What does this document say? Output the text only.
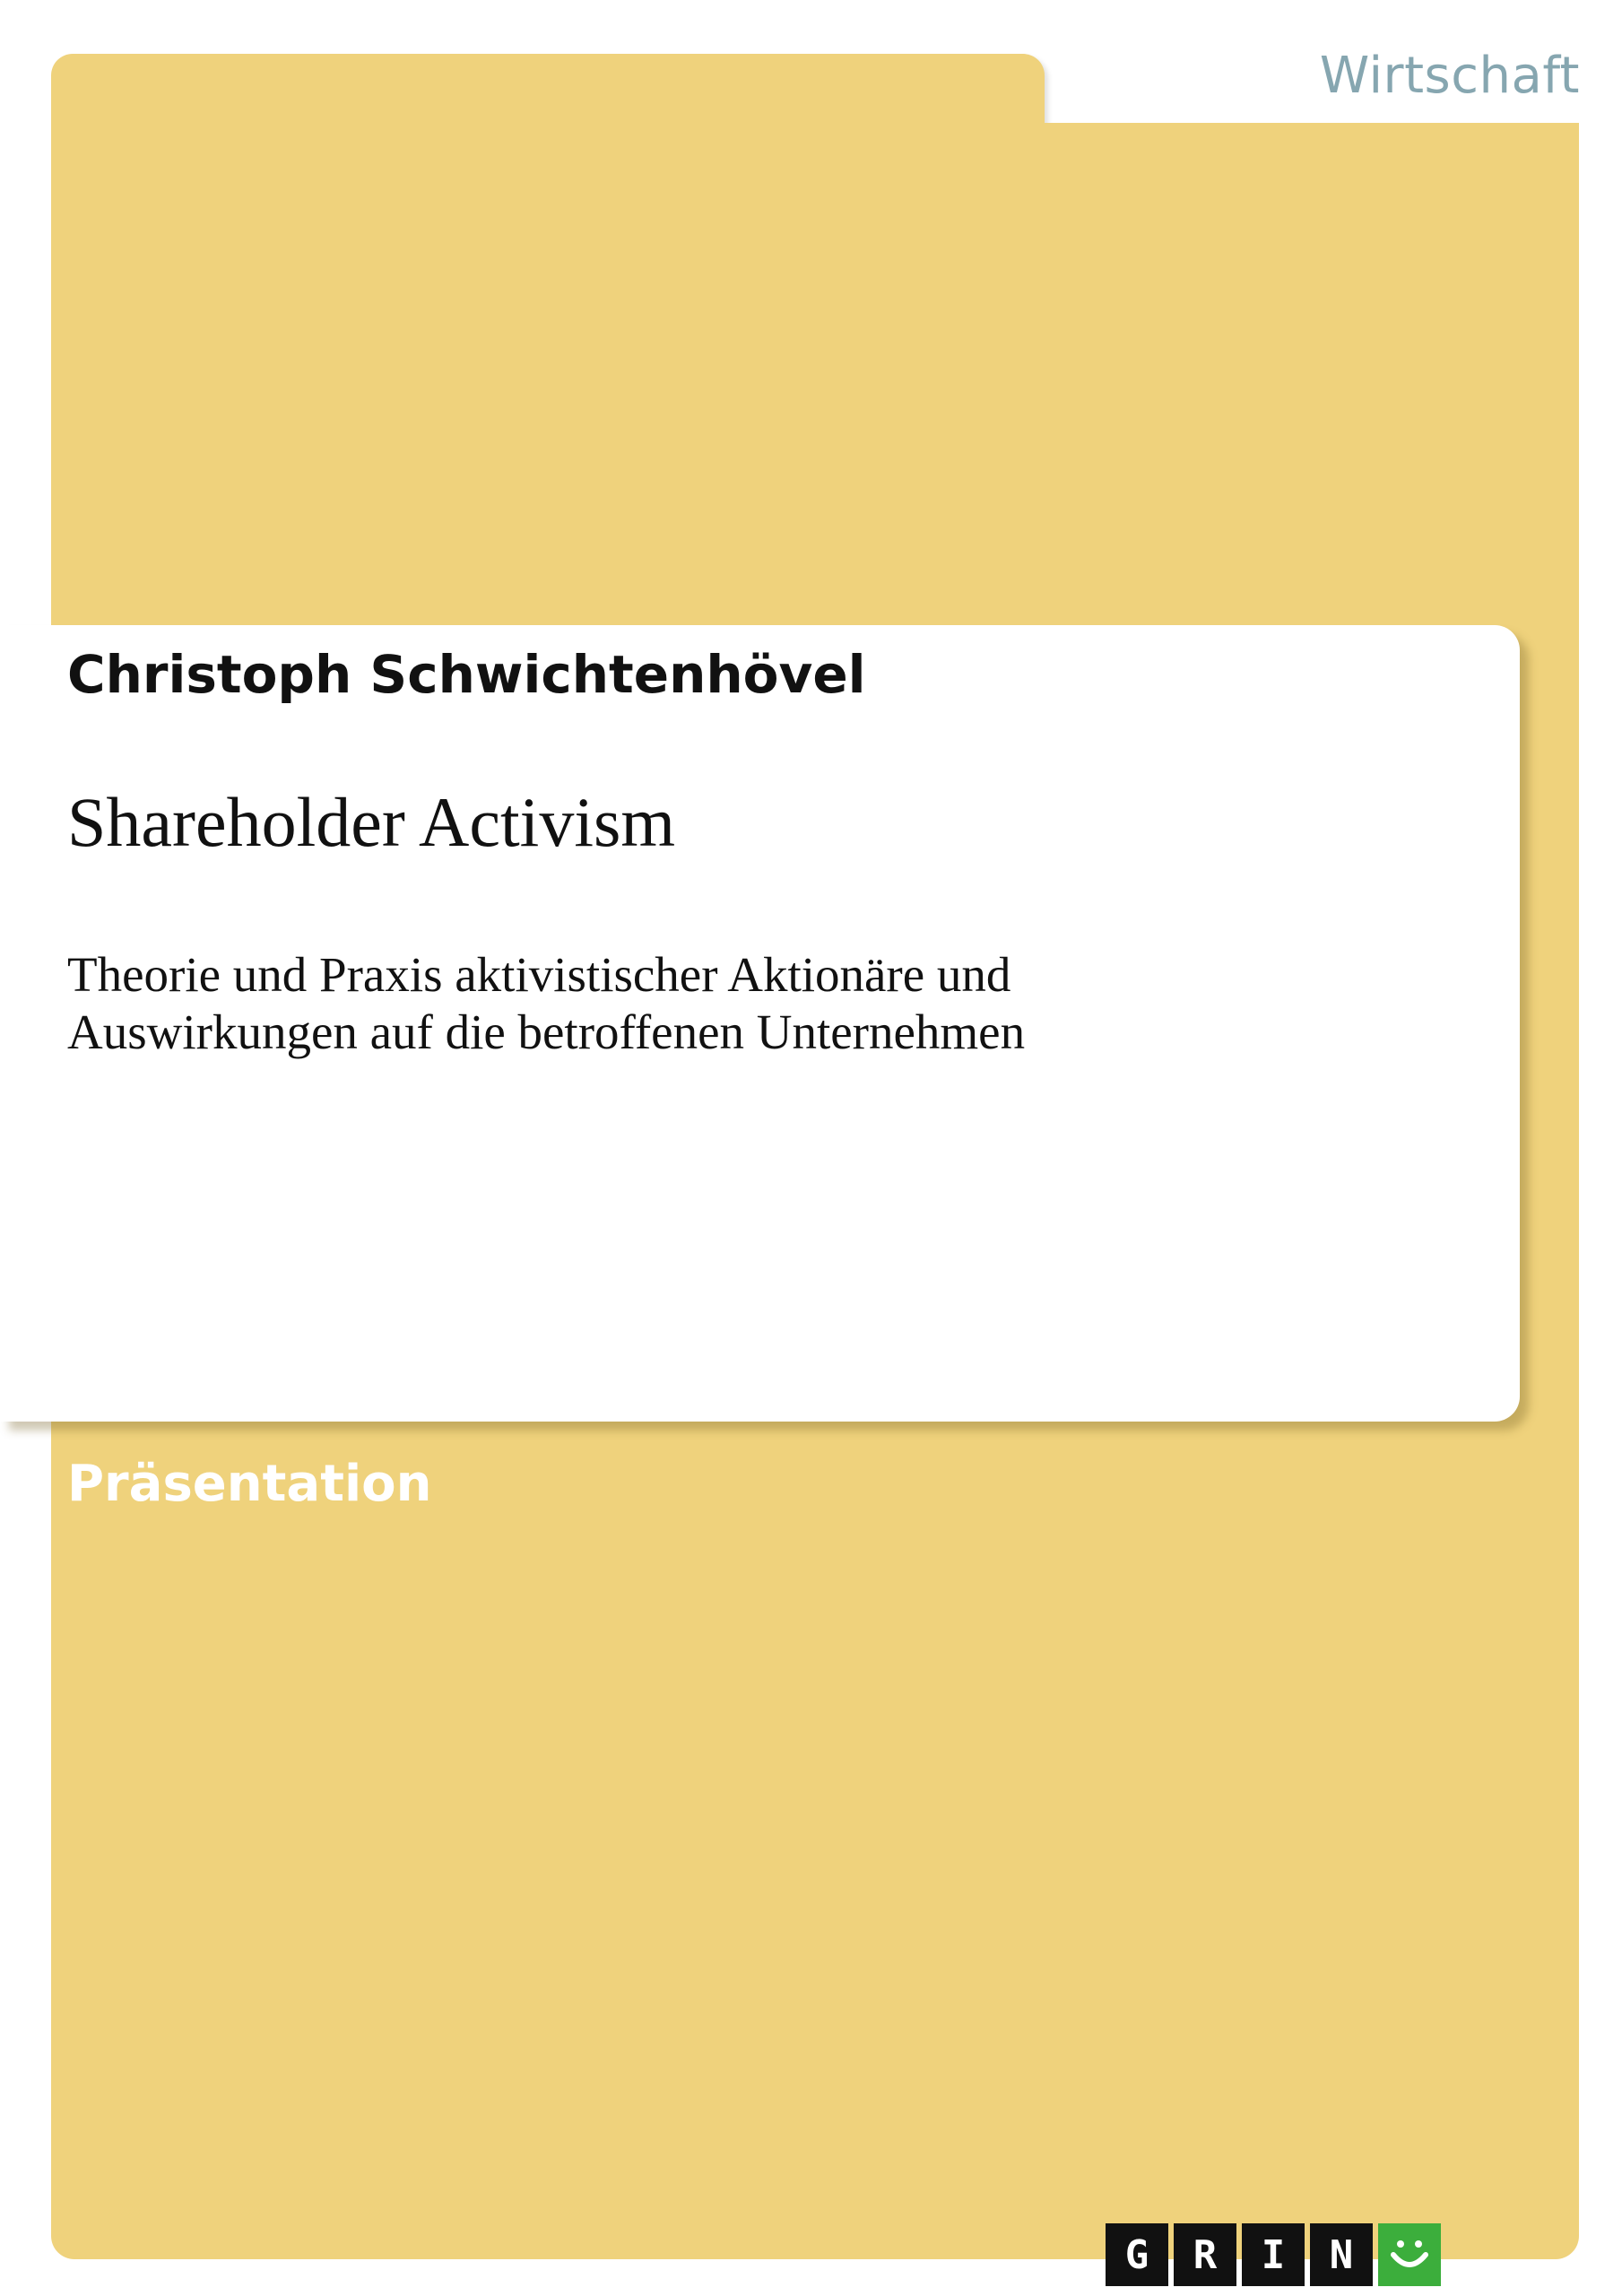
Wirtschaft
Christoph Schwichtenhövel
Shareholder Activism
Theorie und Praxis aktivistischer Aktionäre und
Auswirkungen auf die betroffenen Unternehmen
Präsentation
G	R	I	N
